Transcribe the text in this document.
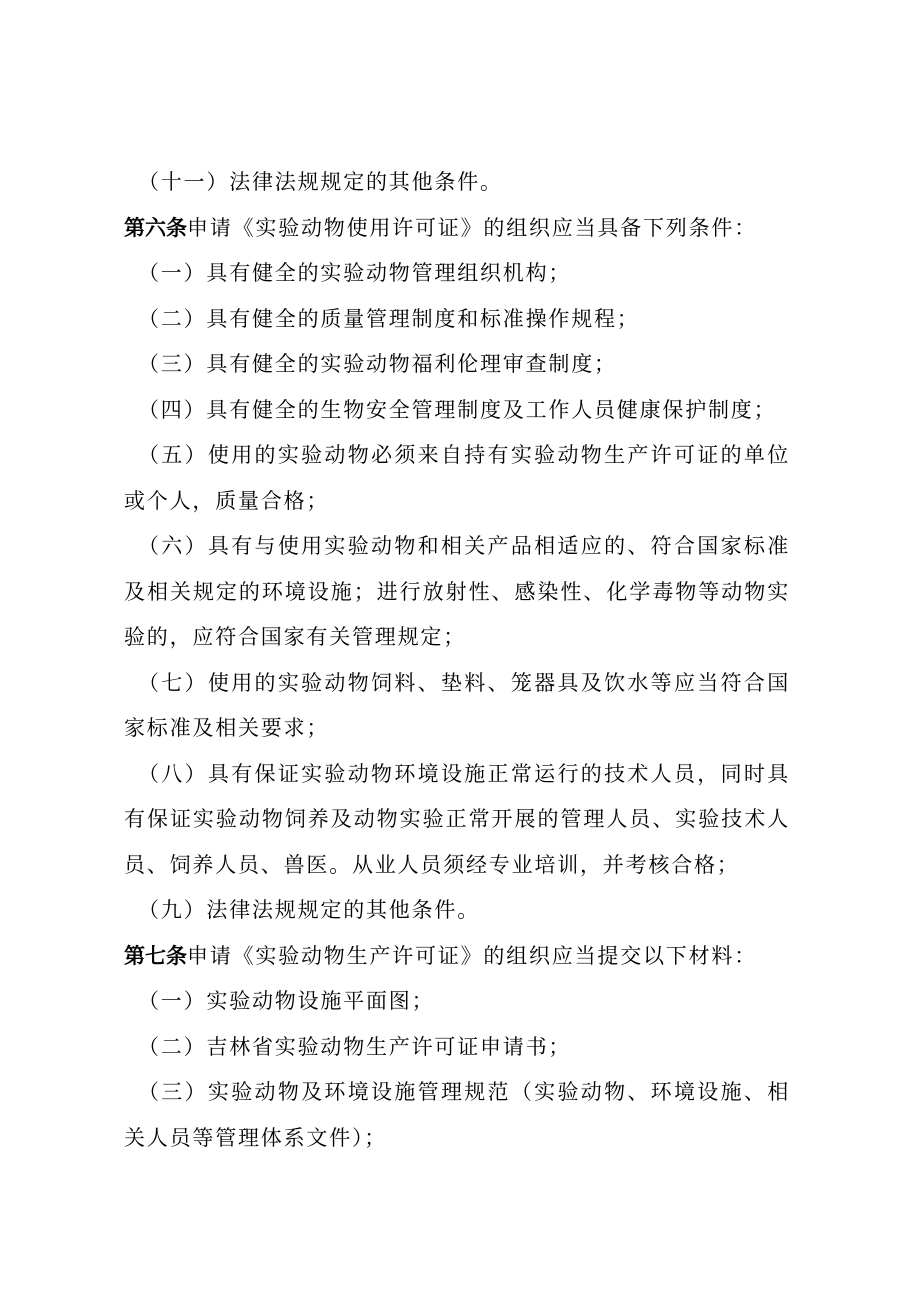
（十一）法律法规规定的其他条件。

第六条申请《实验动物使用许可证》的组织应当具备下列条件：

（一）具有健全的实验动物管理组织机构；

（二）具有健全的质量管理制度和标准操作规程；

（三）具有健全的实验动物福利伦理审查制度；

（四）具有健全的生物安全管理制度及工作人员健康保护制度；

（五）使用的实验动物必须来自持有实验动物生产许可证的单位或个人，质量合格；

（六）具有与使用实验动物和相关产品相适应的、符合国家标准及相关规定的环境设施；进行放射性、感染性、化学毒物等动物实验的，应符合国家有关管理规定；

（七）使用的实验动物饲料、垫料、笼器具及饮水等应当符合国家标准及相关要求；

（八）具有保证实验动物环境设施正常运行的技术人员，同时具有保证实验动物饲养及动物实验正常开展的管理人员、实验技术人员、饲养人员、兽医。从业人员须经专业培训，并考核合格；

（九）法律法规规定的其他条件。

第七条申请《实验动物生产许可证》的组织应当提交以下材料：

（一）实验动物设施平面图；

（二）吉林省实验动物生产许可证申请书；

（三）实验动物及环境设施管理规范（实验动物、环境设施、相关人员等管理体系文件）；
